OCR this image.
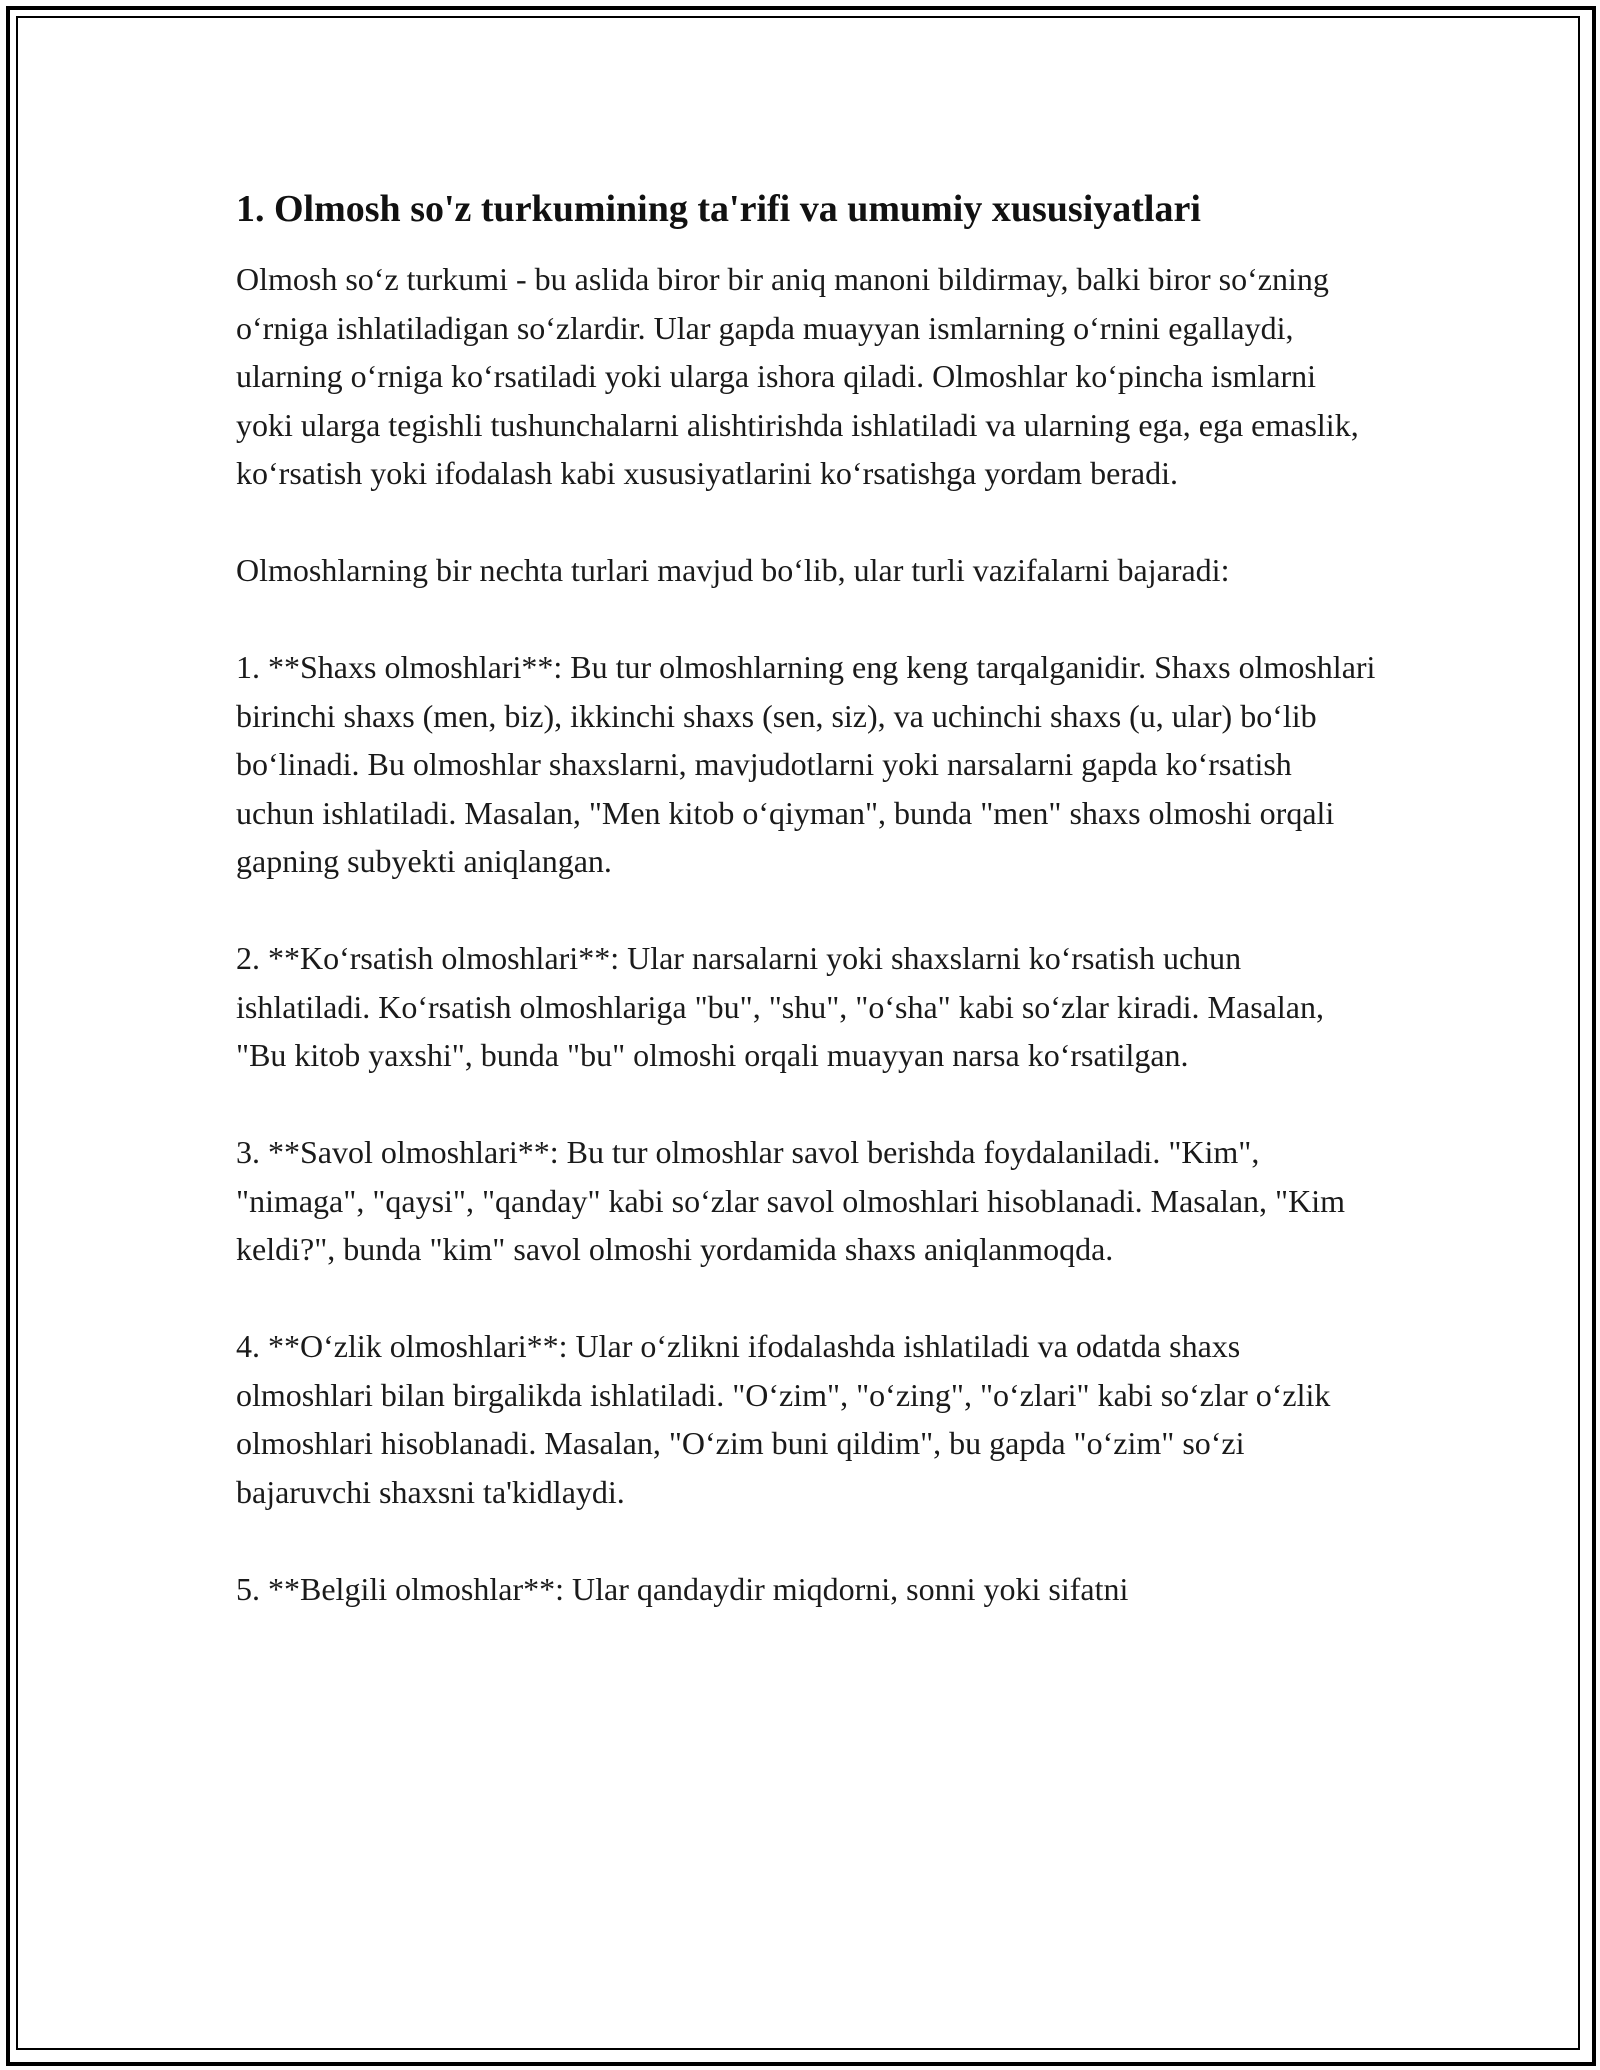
1. Olmosh so'z turkumining ta'rifi va umumiy xususiyatlari

Olmosh so‘z turkumi - bu aslida biror bir aniq manoni bildirmay, balki biror so‘zning o‘rniga ishlatiladigan so‘zlardir. Ular gapda muayyan ismlarning o‘rnini egallaydi, ularning o‘rniga ko‘rsatiladi yoki ularga ishora qiladi. Olmoshlar ko‘pincha ismlarni yoki ularga tegishli tushunchalarni alishtirishda ishlatiladi va ularning ega, ega emaslik, ko‘rsatish yoki ifodalash kabi xususiyatlarini ko‘rsatishga yordam beradi.

Olmoshlarning bir nechta turlari mavjud bo‘lib, ular turli vazifalarni bajaradi:

1. **Shaxs olmoshlari**: Bu tur olmoshlarning eng keng tarqalganidir. Shaxs olmoshlari birinchi shaxs (men, biz), ikkinchi shaxs (sen, siz), va uchinchi shaxs (u, ular) bo‘lib bo‘linadi. Bu olmoshlar shaxslarni, mavjudotlarni yoki narsalarni gapda ko‘rsatish uchun ishlatiladi. Masalan, "Men kitob o‘qiyman", bunda "men" shaxs olmoshi orqali gapning subyekti aniqlangan.

2. **Ko‘rsatish olmoshlari**: Ular narsalarni yoki shaxslarni ko‘rsatish uchun ishlatiladi. Ko‘rsatish olmoshlariga "bu", "shu", "o‘sha" kabi so‘zlar kiradi. Masalan, "Bu kitob yaxshi", bunda "bu" olmoshi orqali muayyan narsa ko‘rsatilgan.

3. **Savol olmoshlari**: Bu tur olmoshlar savol berishda foydalaniladi. "Kim", "nimaga", "qaysi", "qanday" kabi so‘zlar savol olmoshlari hisoblanadi. Masalan, "Kim keldi?", bunda "kim" savol olmoshi yordamida shaxs aniqlanmoqda.

4. **O‘zlik olmoshlari**: Ular o‘zlikni ifodalashda ishlatiladi va odatda shaxs olmoshlari bilan birgalikda ishlatiladi. "O‘zim", "o‘zing", "o‘zlari" kabi so‘zlar o‘zlik olmoshlari hisoblanadi. Masalan, "O‘zim buni qildim", bu gapda "o‘zim" so‘zi bajaruvchi shaxsni ta'kidlaydi.

5. **Belgili olmoshlar**: Ular qandaydir miqdorni, sonni yoki sifatni
